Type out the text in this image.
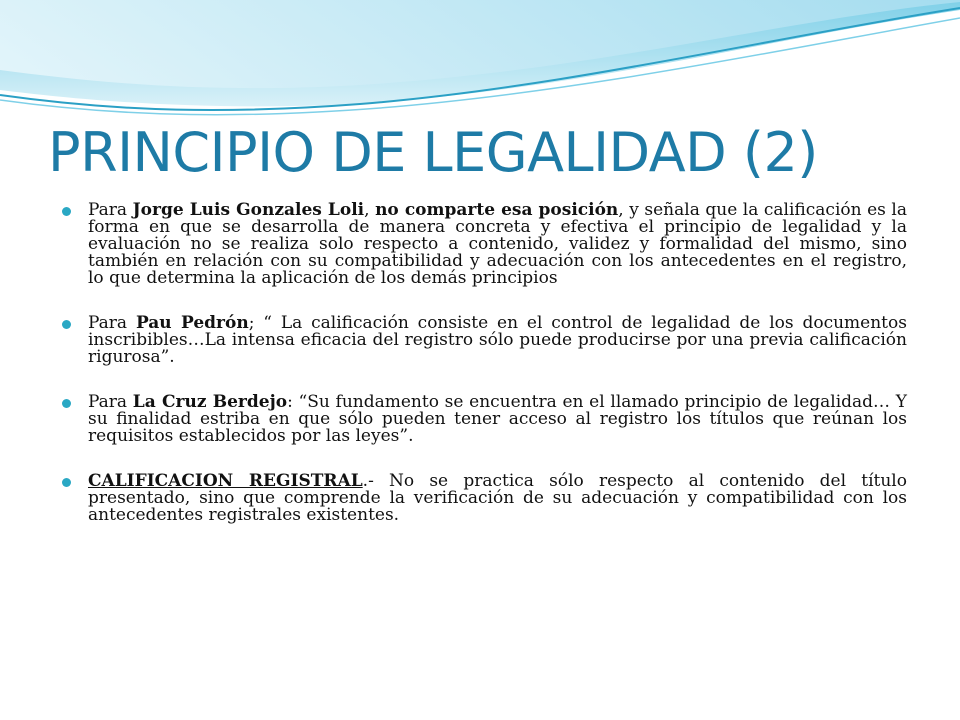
PRINCIPIO DE LEGALIDAD (2)
Para Jorge Luis Gonzales Loli, no comparte esa posición, y señala que la calificación es la forma en que se desarrolla de manera concreta y efectiva el principio de legalidad y la evaluación no se realiza solo respecto a contenido, validez y formalidad del mismo, sino también en relación con su compatibilidad y adecuación con los antecedentes en el registro, lo que determina la aplicación de los demás principios
Para Pau Pedrón; “ La calificación consiste en el control de legalidad de los documentos inscribibles…La intensa eficacia del registro sólo puede producirse por una previa calificación rigurosa”.
Para La Cruz Berdejo: “Su fundamento se encuentra en el llamado principio de legalidad… Y su finalidad estriba en que sólo pueden tener acceso al registro los títulos que reúnan los requisitos establecidos por las leyes”.
CALIFICACION REGISTRAL.- No se practica sólo respecto al contenido del título presentado, sino que comprende la verificación de su adecuación y compatibilidad con los antecedentes registrales existentes.
